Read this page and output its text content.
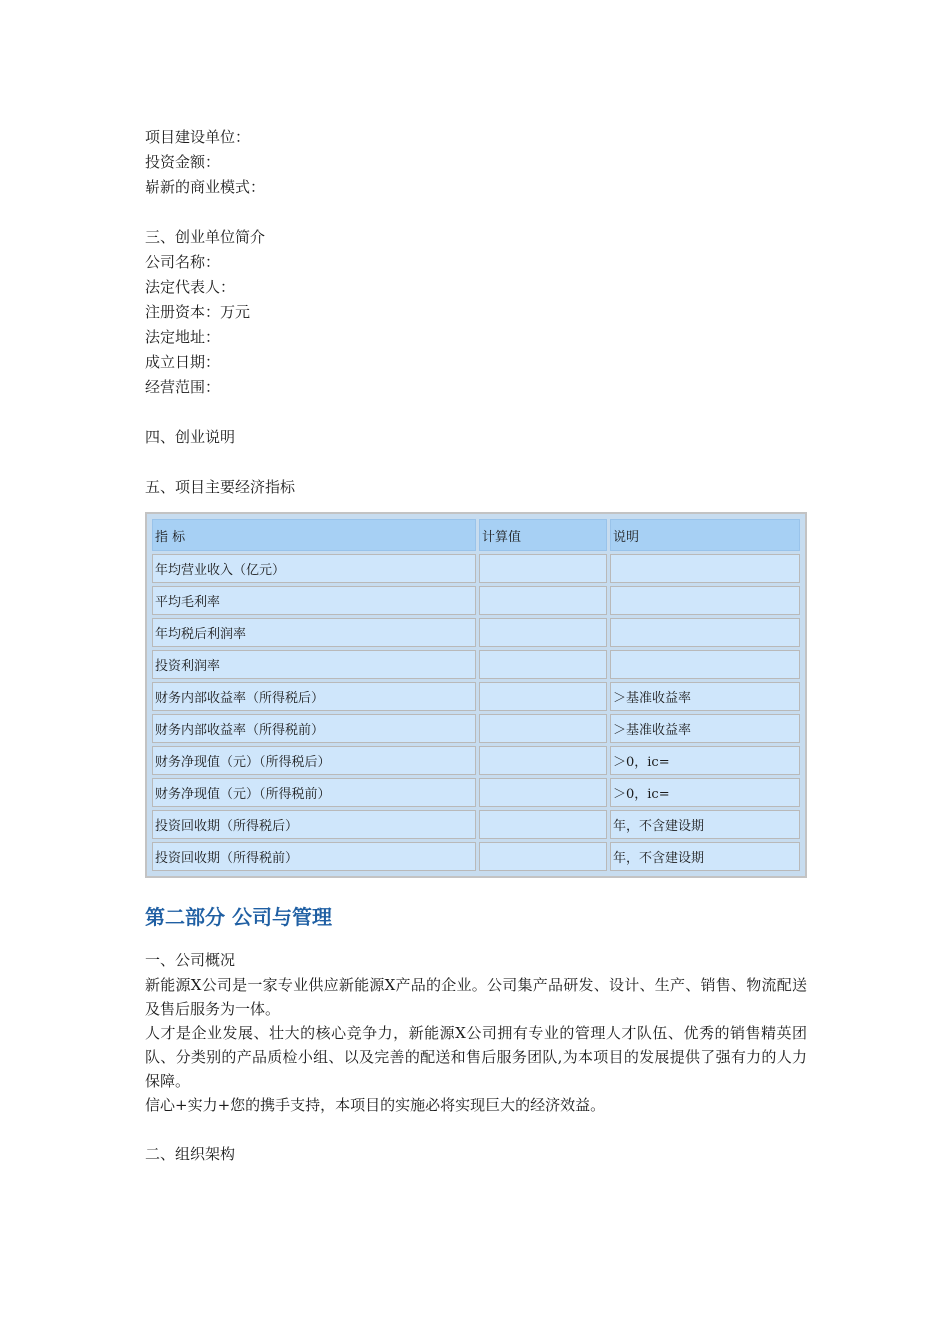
项目建设单位：
投资金额：
崭新的商业模式：
三、创业单位简介
公司名称：
法定代表人：
注册资本：万元
法定地址：
成立日期：
经营范围：
四、创业说明
五、项目主要经济指标
指 标	计算值	说明
年均营业收入（亿元）		
平均毛利率		
年均税后利润率		
投资利润率		
财务内部收益率（所得税后）		＞基准收益率
财务内部收益率（所得税前）		＞基准收益率
财务净现值（元）（所得税后）		＞0，ic=
财务净现值（元）（所得税前）		＞0，ic=
投资回收期（所得税后）		年，不含建设期
投资回收期（所得税前）		年，不含建设期
第二部分 公司与管理
一、公司概况
新能源X公司是一家专业供应新能源X产品的企业。公司集产品研发、设计、生产、销售、物流配送及售后服务为一体。
人才是企业发展、壮大的核心竞争力，新能源X公司拥有专业的管理人才队伍、优秀的销售精英团队、分类别的产品质检小组、以及完善的配送和售后服务团队,为本项目的发展提供了强有力的人力保障。
信心+实力+您的携手支持，本项目的实施必将实现巨大的经济效益。
二、组织架构
